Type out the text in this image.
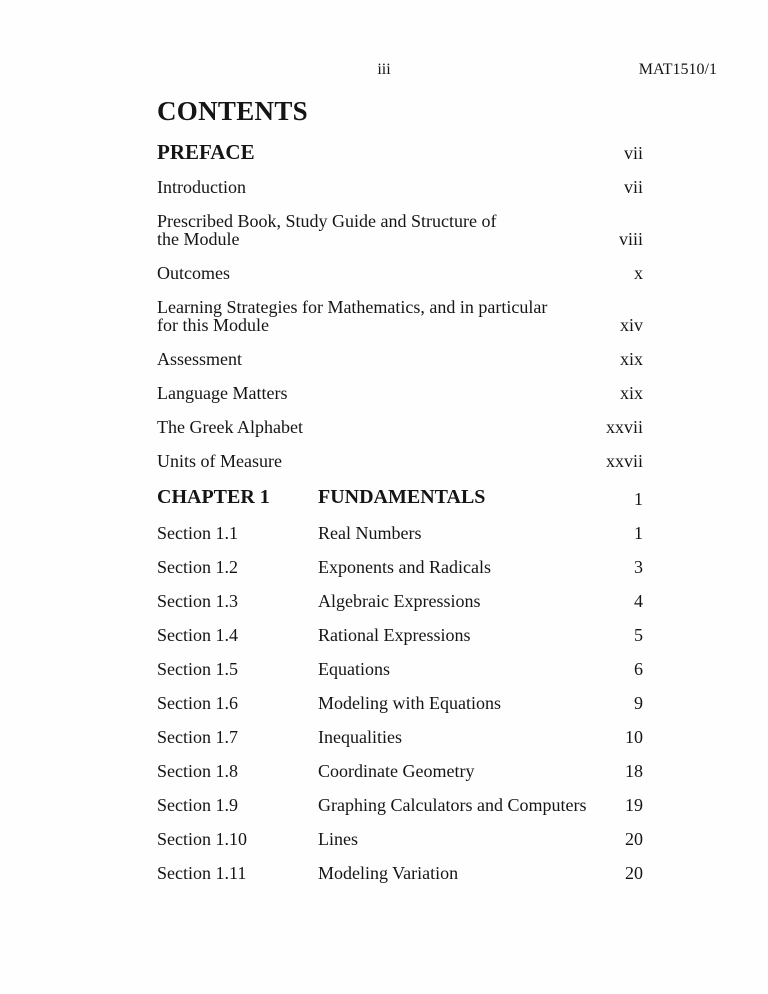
iii	MAT1510/1
CONTENTS
PREFACE	vii
Introduction	vii
Prescribed Book, Study Guide and Structure of
the Module	viii
Outcomes	x
Learning Strategies for Mathematics, and in particular
for this Module	xiv
Assessment	xix
Language Matters	xix
The Greek Alphabet	xxvii
Units of Measure	xxvii
CHAPTER 1	FUNDAMENTALS	1
Section 1.1	Real Numbers	1
Section 1.2	Exponents and Radicals	3
Section 1.3	Algebraic Expressions	4
Section 1.4	Rational Expressions	5
Section 1.5	Equations	6
Section 1.6	Modeling with Equations	9
Section 1.7	Inequalities	10
Section 1.8	Coordinate Geometry	18
Section 1.9	Graphing Calculators and Computers	19
Section 1.10	Lines	20
Section 1.11	Modeling Variation	20
